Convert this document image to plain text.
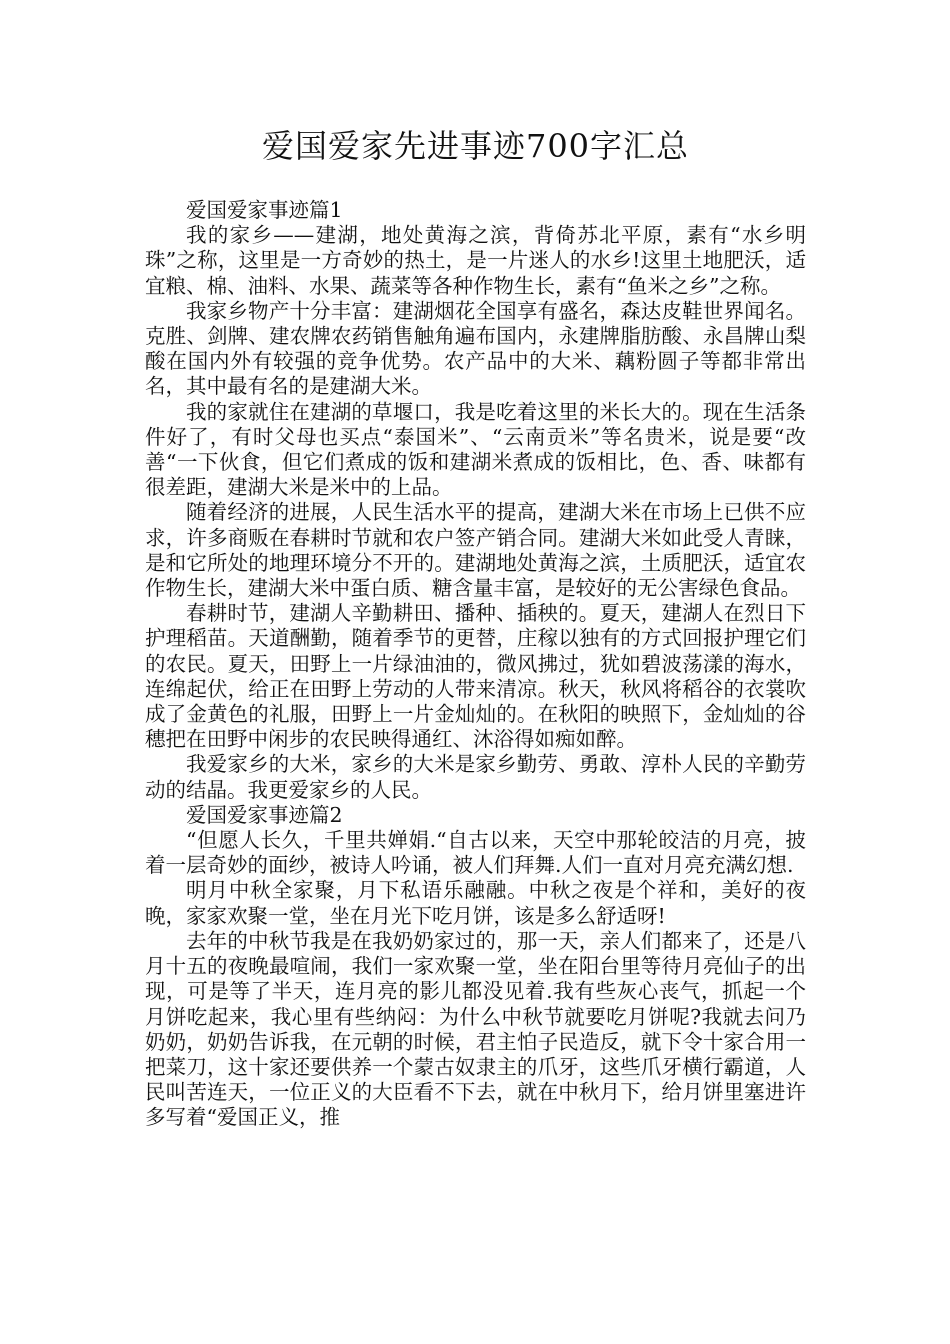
爱国爱家先进事迹700字汇总

爱国爱家事迹篇1

我的家乡——建湖，地处黄海之滨，背倚苏北平原，素有“水乡明珠”之称，这里是一方奇妙的热土，是一片迷人的水乡!这里土地肥沃，适宜粮、棉、油料、水果、蔬菜等各种作物生长，素有“鱼米之乡”之称。

我家乡物产十分丰富：建湖烟花全国享有盛名，森达皮鞋世界闻名。克胜、剑牌、建农牌农药销售触角遍布国内，永建牌脂肪酸、永昌牌山梨酸在国内外有较强的竞争优势。农产品中的大米、藕粉圆子等都非常出名，其中最有名的是建湖大米。

我的家就住在建湖的草堰口，我是吃着这里的米长大的。现在生活条件好了，有时父母也买点“泰国米”、“云南贡米”等名贵米，说是要“改善“一下伙食，但它们煮成的饭和建湖米煮成的饭相比，色、香、味都有很差距，建湖大米是米中的上品。

随着经济的进展，人民生活水平的提高，建湖大米在市场上已供不应求，许多商贩在春耕时节就和农户签产销合同。建湖大米如此受人青睐，是和它所处的地理环境分不开的。建湖地处黄海之滨，土质肥沃，适宜农作物生长，建湖大米中蛋白质、糖含量丰富，是较好的无公害绿色食品。

春耕时节，建湖人辛勤耕田、播种、插秧的。夏天，建湖人在烈日下护理稻苗。天道酬勤，随着季节的更替，庄稼以独有的方式回报护理它们的农民。夏天，田野上一片绿油油的，微风拂过，犹如碧波荡漾的海水，连绵起伏，给正在田野上劳动的人带来清凉。秋天，秋风将稻谷的衣裳吹成了金黄色的礼服，田野上一片金灿灿的。在秋阳的映照下，金灿灿的谷穗把在田野中闲步的农民映得通红、沐浴得如痴如醉。

我爱家乡的大米，家乡的大米是家乡勤劳、勇敢、淳朴人民的辛勤劳动的结晶。我更爱家乡的人民。

爱国爱家事迹篇2

“但愿人长久，千里共婵娟.“自古以来，天空中那轮皎洁的月亮，披着一层奇妙的面纱，被诗人吟诵，被人们拜舞.人们一直对月亮充满幻想.

明月中秋全家聚，月下私语乐融融。中秋之夜是个祥和，美好的夜晚，家家欢聚一堂，坐在月光下吃月饼，该是多么舒适呀!

去年的中秋节我是在我奶奶家过的，那一天，亲人们都来了，还是八月十五的夜晚最喧闹，我们一家欢聚一堂，坐在阳台里等待月亮仙子的出现，可是等了半天，连月亮的影儿都没见着.我有些灰心丧气，抓起一个月饼吃起来，我心里有些纳闷：为什么中秋节就要吃月饼呢?我就去问乃奶奶，奶奶告诉我，在元朝的时候，君主怕子民造反，就下令十家合用一把菜刀，这十家还要供养一个蒙古奴隶主的爪牙，这些爪牙横行霸道，人民叫苦连天，一位正义的大臣看不下去，就在中秋月下，给月饼里塞进许多写着“爱国正义，推
